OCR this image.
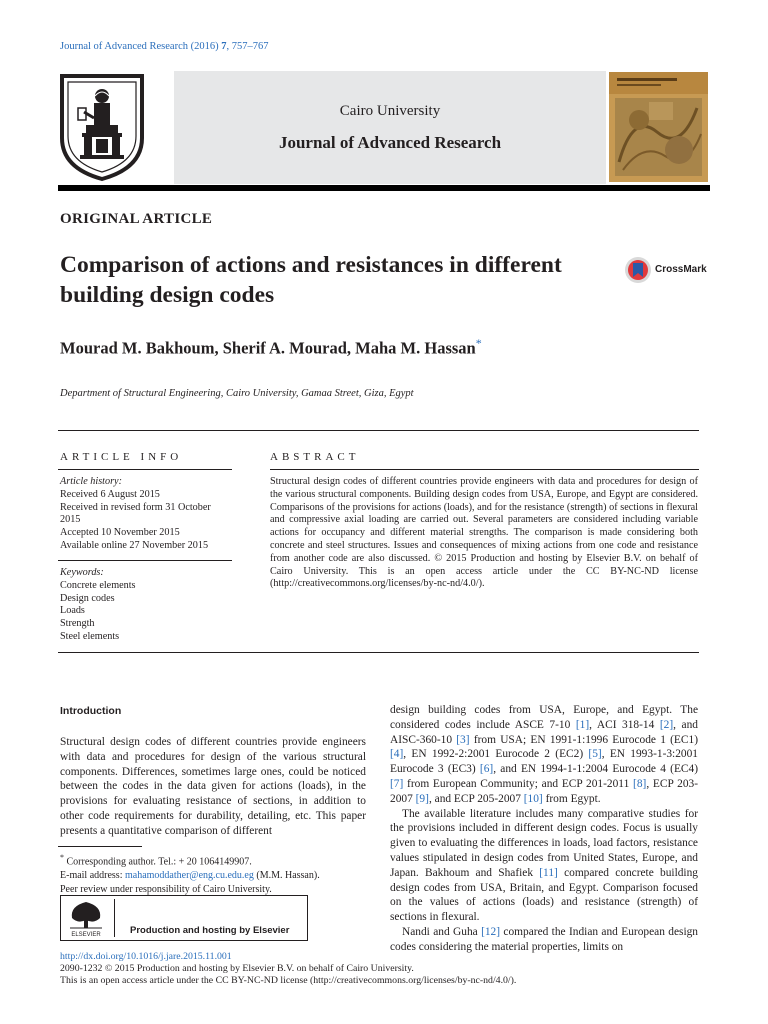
Journal of Advanced Research (2016) 7, 757–767
Cairo University
Journal of Advanced Research
ORIGINAL ARTICLE
Comparison of actions and resistances in different
building design codes
CrossMark
Mourad M. Bakhoum, Sherif A. Mourad, Maha M. Hassan*
Department of Structural Engineering, Cairo University, Gamaa Street, Giza, Egypt
ARTICLE INFO	ABSTRACT
Article history:
Received 6 August 2015
Received in revised form 31 October
2015
Accepted 10 November 2015
Available online 27 November 2015
Keywords:
Concrete elements
Design codes
Loads
Strength
Steel elements
Structural design codes of different countries provide engineers with data and procedures for design of the various structural components. Building design codes from USA, Europe, and Egypt are considered. Comparisons of the provisions for actions (loads), and for the resistance (strength) of sections in flexural and compressive axial loading are carried out. Several parameters are considered including variable actions for occupancy and different material strengths. The comparison is made considering both concrete and steel structures. Issues and consequences of mixing actions from one code and resistance from another code are also discussed. © 2015 Production and hosting by Elsevier B.V. on behalf of Cairo University. This is an open access article under the CC BY-NC-ND license (http://creativecommons.org/licenses/by-nc-nd/4.0/).
Introduction
Structural design codes of different countries provide engineers with data and procedures for design of the various structural components. Differences, sometimes large ones, could be noticed between the codes in the data given for actions (loads), in the provisions for evaluating resistance of sections, in addition to other code requirements for durability, detailing, etc. This paper presents a quantitative comparison of different

design building codes from USA, Europe, and Egypt. The considered codes include ASCE 7-10 [1], ACI 318-14 [2], and AISC-360-10 [3] from USA; EN 1991-1:1996 Eurocode 1 (EC1) [4], EN 1992-2:2001 Eurocode 2 (EC2) [5], EN 1993-1-3:2001 Eurocode 3 (EC3) [6], and EN 1994-1-1:2004 Eurocode 4 (EC4) [7] from European Community; and ECP 201-2011 [8], ECP 203-2007 [9], and ECP 205-2007 [10] from Egypt.

The available literature includes many comparative studies for the provisions included in different design codes. Focus is usually given to evaluating the differences in loads, load factors, resistance values stipulated in design codes from United States, Europe, and Japan. Bakhoum and Shafiek [11] compared concrete building design codes from USA, Britain, and Egypt. Comparison focused on the values of actions (loads) and resistance (strength) of sections in flexural.

Nandi and Guha [12] compared the Indian and European design codes considering the material properties, limits on

* Corresponding author. Tel.: + 20 1064149907.
E-mail address: mahamoddather@eng.cu.edu.eg (M.M. Hassan).
Peer review under responsibility of Cairo University.
ELSEVIER	Production and hosting by Elsevier
http://dx.doi.org/10.1016/j.jare.2015.11.001
2090-1232 © 2015 Production and hosting by Elsevier B.V. on behalf of Cairo University.
This is an open access article under the CC BY-NC-ND license (http://creativecommons.org/licenses/by-nc-nd/4.0/).
